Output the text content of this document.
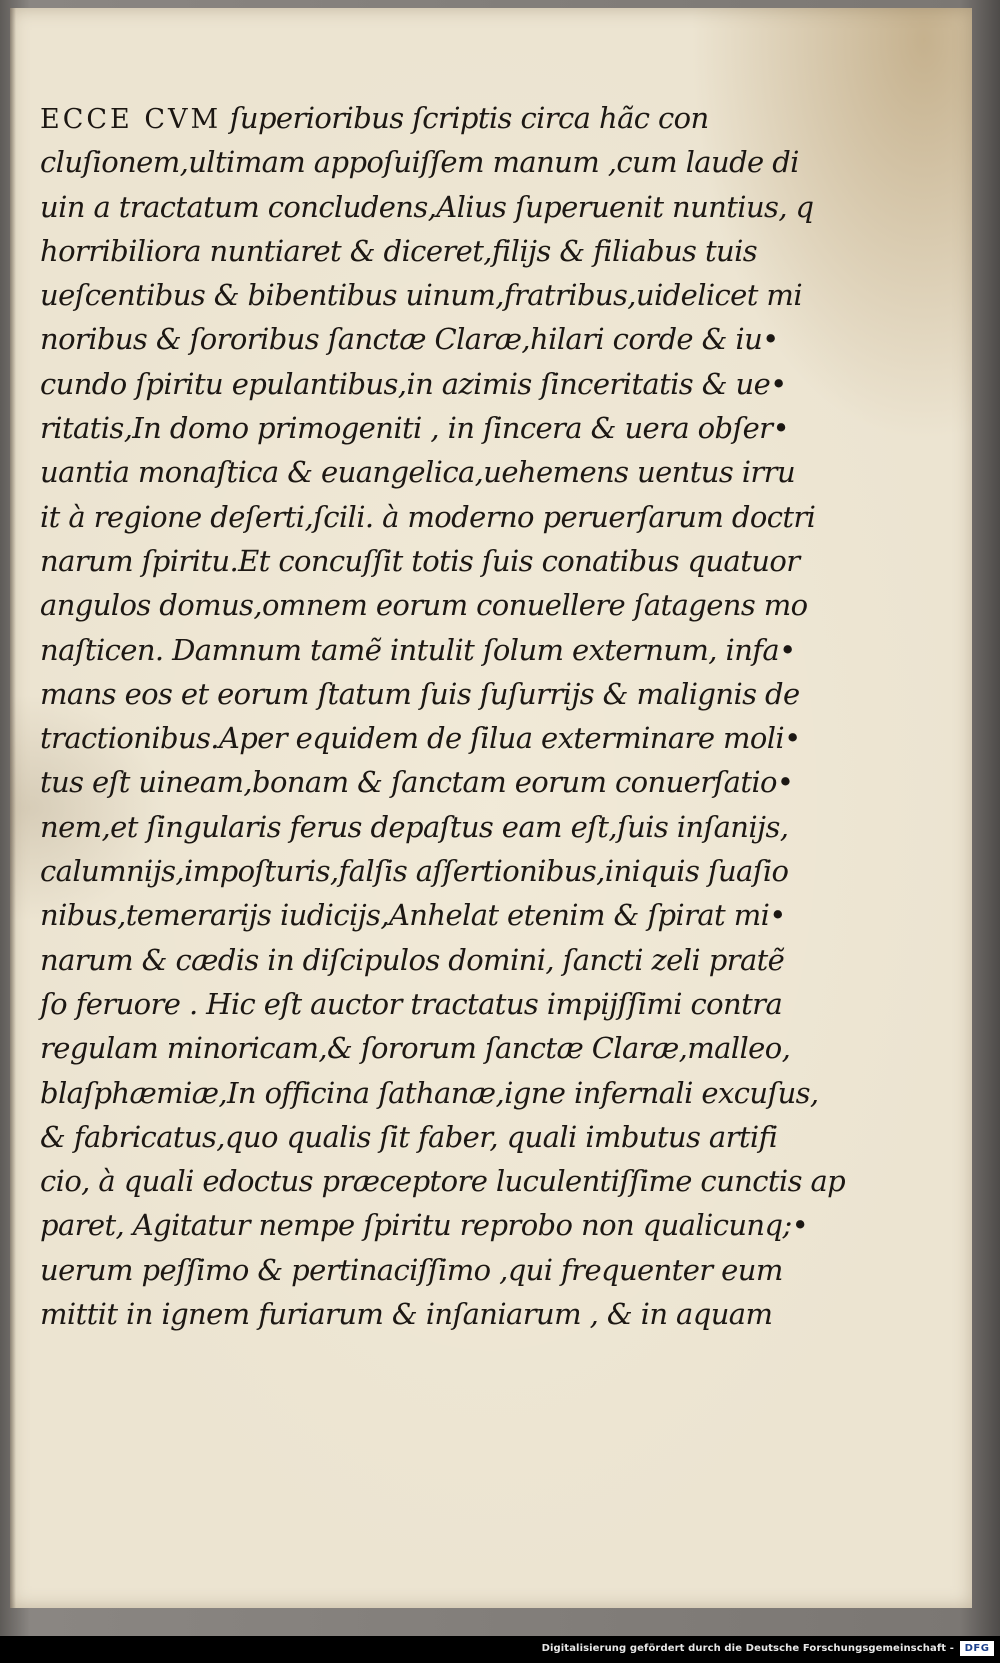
ECCE CVM ſuperioribus ſcriptis circa hãc con
cluſionem,ultimam appoſuiſſem manum ,cum laude di
uin a tractatum concludens,Alius ſuperuenit nuntius, q
horribiliora nuntiaret & diceret,filijs & filiabus tuis
ueſcentibus & bibentibus uinum,fratribus,uidelicet mi
noribus & ſororibus ſanctæ Claræ,hilari corde & iu•
cundo ſpiritu epulantibus,in azimis ſinceritatis & ue•
ritatis,In domo primogeniti , in ſincera & uera obſer•
uantia monaſtica & euangelica,uehemens uentus irru
it à regione deſerti,ſcili. à moderno peruerſarum doctri
narum ſpiritu.Et concuſſit totis ſuis conatibus quatuor
angulos domus,omnem eorum conuellere ſatagens mo
naſticen. Damnum tamẽ intulit ſolum externum, infa•
mans eos et eorum ſtatum ſuis ſuſurrijs & malignis de
tractionibus.Aper equidem de ſilua exterminare moli•
tus eſt uineam,bonam & ſanctam eorum conuerſatio•
nem,et ſingularis ferus depaſtus eam eſt,ſuis inſanijs,
calumnijs,impoſturis,falſis aſſertionibus,iniquis ſuaſio
nibus,temerarijs iudicijs,Anhelat etenim & ſpirat mi•
narum & cædis in diſcipulos domini, ſancti zeli pratẽ
ſo feruore . Hic eſt auctor tractatus impijſſimi contra
regulam minoricam,& ſororum ſanctæ Claræ,malleo,
blaſphæmiæ,In officina ſathanæ,igne infernali excuſus,
& fabricatus,quo qualis ſit faber, quali imbutus artifi
cio, à quali edoctus præceptore luculentiſſime cunctis ap
paret, Agitatur nempe ſpiritu reprobo non qualicunq;•
uerum peſſimo & pertinaciſſimo ,qui frequenter eum
mittit in ignem furiarum & inſaniarum , & in aquam
Digitalisierung gefördert durch die Deutsche Forschungsgemeinschaft -	DFG
